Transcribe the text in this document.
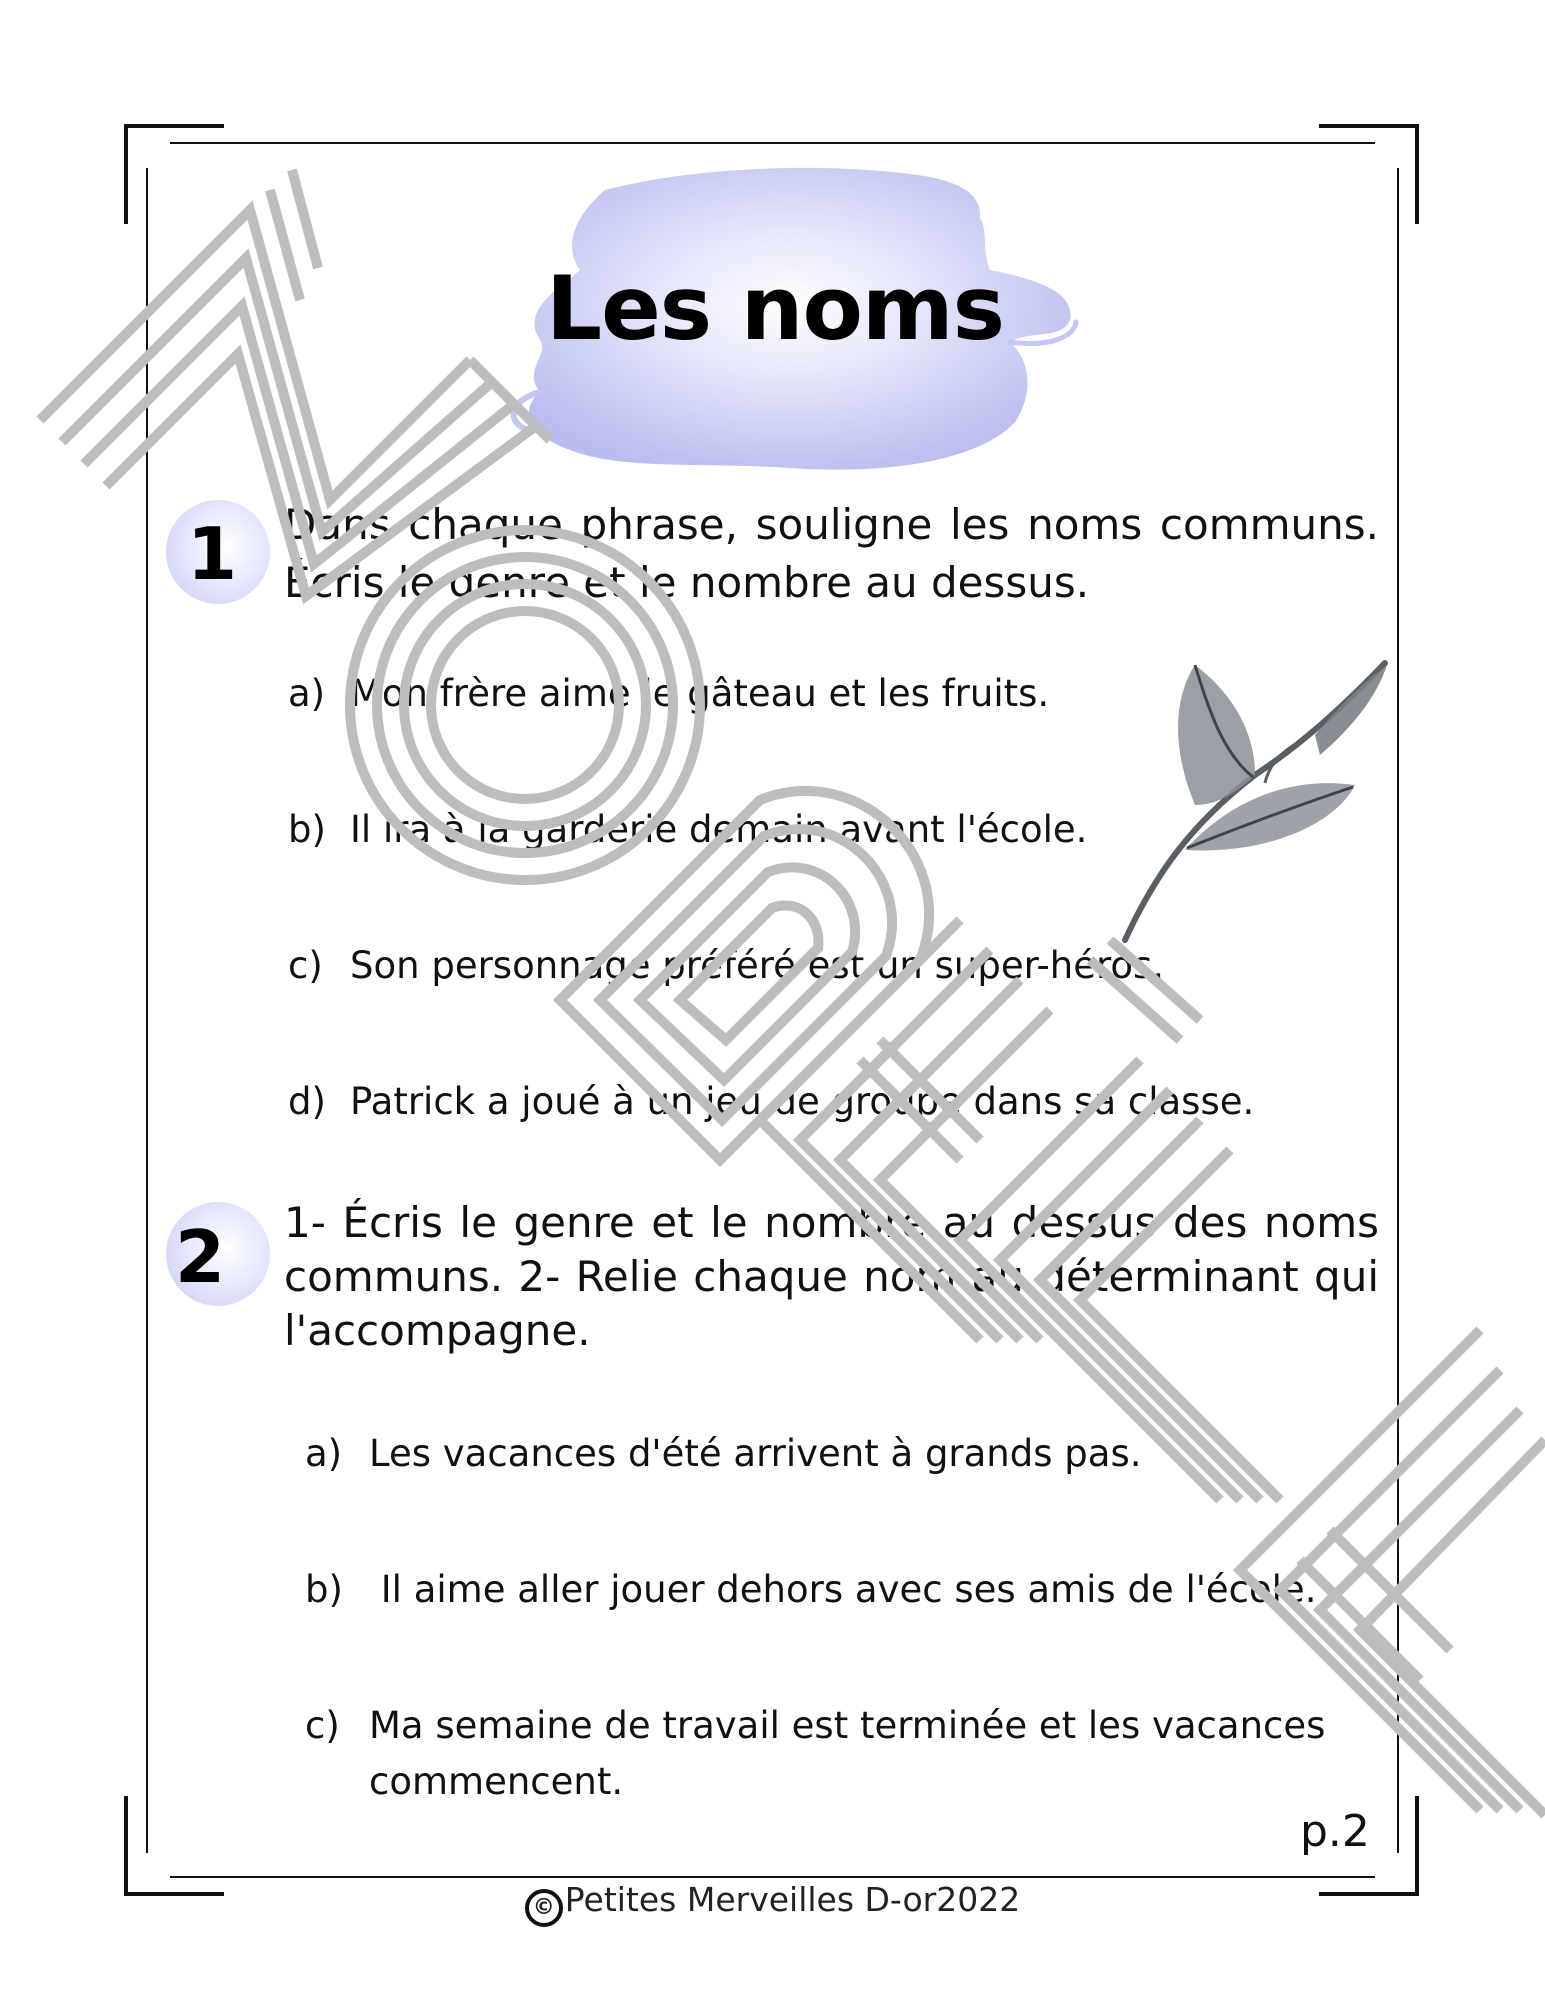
Les noms
1	Dans chaque phrase, souligne les noms communs. Écris le genre et le nombre au dessus.

a) Mon frère aime le gâteau et les fruits.
b) Il ira à la garderie demain avant l'école.
c) Son personnage préféré est un super-héros.
d) Patrick a joué à un jeu de groupe dans sa classe.
2	1- Écris le genre et le nombre au dessus des noms communs. 2- Relie chaque nom au déterminant qui l'accompagne.

a) Les vacances d'été arrivent à grands pas.
b) Il aime aller jouer dehors avec ses amis de l'école.
c) Ma semaine de travail est terminée et les vacances commencent.
p.2
© Petites Merveilles D-or2022
